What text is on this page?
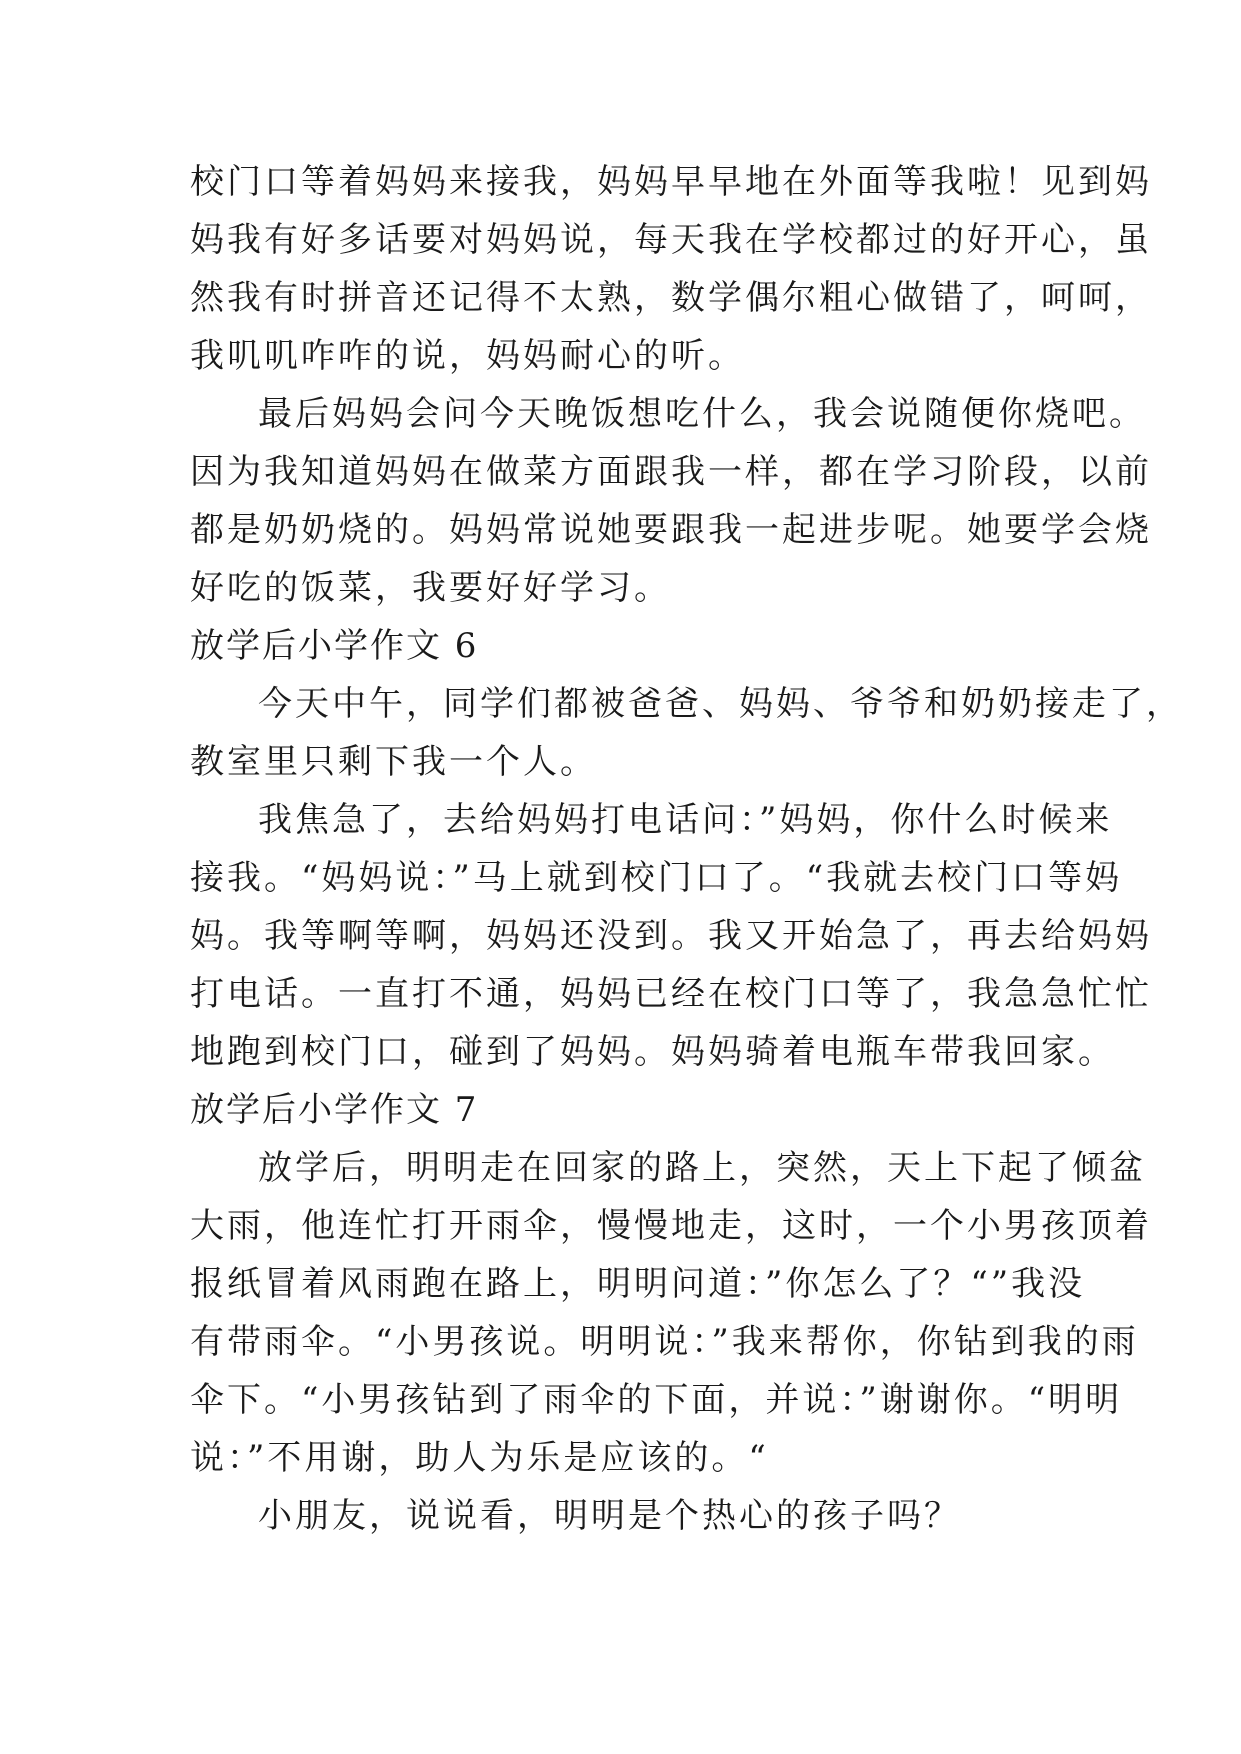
校门口等着妈妈来接我，妈妈早早地在外面等我啦！见到妈
妈我有好多话要对妈妈说，每天我在学校都过的好开心，虽
然我有时拼音还记得不太熟，数学偶尔粗心做错了，呵呵，
我叽叽咋咋的说，妈妈耐心的听。
最后妈妈会问今天晚饭想吃什么，我会说随便你烧吧。
因为我知道妈妈在做菜方面跟我一样，都在学习阶段，以前
都是奶奶烧的。妈妈常说她要跟我一起进步呢。她要学会烧
好吃的饭菜，我要好好学习。
放学后小学作文 6
今天中午，同学们都被爸爸、妈妈、爷爷和奶奶接走了，
教室里只剩下我一个人。
我焦急了，去给妈妈打电话问：”妈妈，你什么时候来
接我。“妈妈说：”马上就到校门口了。“我就去校门口等妈
妈。我等啊等啊，妈妈还没到。我又开始急了，再去给妈妈
打电话。一直打不通，妈妈已经在校门口等了，我急急忙忙
地跑到校门口，碰到了妈妈。妈妈骑着电瓶车带我回家。
放学后小学作文 7
放学后，明明走在回家的路上，突然，天上下起了倾盆
大雨，他连忙打开雨伞，慢慢地走，这时，一个小男孩顶着
报纸冒着风雨跑在路上，明明问道：”你怎么了？“”我没
有带雨伞。“小男孩说。明明说：”我来帮你，你钻到我的雨
伞下。“小男孩钻到了雨伞的下面，并说：”谢谢你。“明明
说：”不用谢，助人为乐是应该的。“
小朋友，说说看，明明是个热心的孩子吗？
